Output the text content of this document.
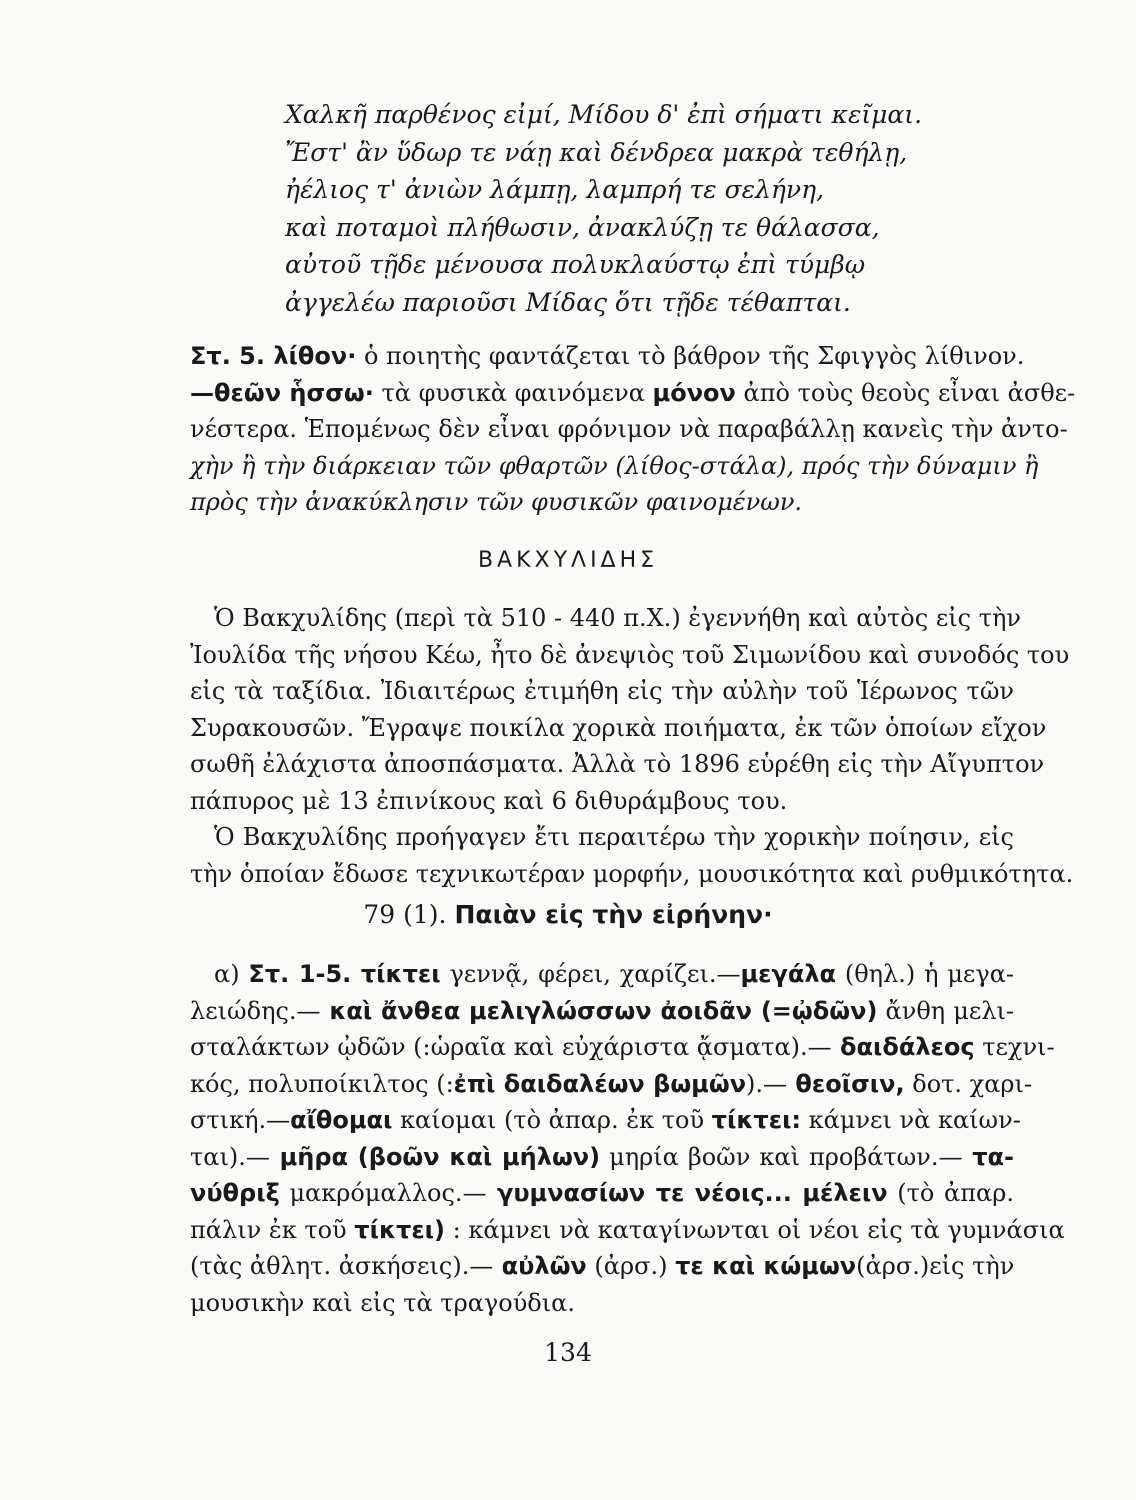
Χαλκῆ παρθένος εἰμί, Μίδου δ' ἐπὶ σήματι κεῖμαι.
Ἔστ' ἂν ὕδωρ τε νάῃ καὶ δένδρεα μακρὰ τεθήλῃ,
ἠέλιος τ' ἀνιὼν λάμπῃ, λαμπρή τε σελήνη,
καὶ ποταμοὶ πλήθωσιν, ἀνακλύζῃ τε θάλασσα,
αὐτοῦ τῇδε μένουσα πολυκλαύστῳ ἐπὶ τύμβῳ
ἀγγελέω παριοῦσι Μίδας ὅτι τῇδε τέθαπται.
Στ. 5. λίθον· ὁ ποιητὴς φαντάζεται τὸ βάθρον τῆς Σφιγγὸς λίθινον.
—θεῶν ἧσσω· τὰ φυσικὰ φαινόμενα μόνον ἀπὸ τοὺς θεοὺς εἶναι ἀσθε-
νέστερα. Ἑπομένως δὲν εἶναι φρόνιμον νὰ παραβάλλῃ κανεὶς τὴν ἀντο-
χὴν ἢ τὴν διάρκειαν τῶν φθαρτῶν (λίθος-στάλα), πρός τὴν δύναμιν ἢ
πρὸς τὴν ἀνακύκλησιν τῶν φυσικῶν φαινομένων.
ΒΑΚΧΥΛΙΔΗΣ
Ὁ Βακχυλίδης (περὶ τὰ 510 - 440 π.Χ.) ἐγεννήθη καὶ αὐτὸς εἰς τὴν
Ἰουλίδα τῆς νήσου Κέω, ἦτο δὲ ἀνεψιὸς τοῦ Σιμωνίδου καὶ συνοδός του
εἰς τὰ ταξίδια. Ἰδιαιτέρως ἐτιμήθη εἰς τὴν αὐλὴν τοῦ Ἱέρωνος τῶν
Συρακουσῶν. Ἔγραψε ποικίλα χορικὰ ποιήματα, ἐκ τῶν ὁποίων εἴχον
σωθῆ ἐλάχιστα ἀποσπάσματα. Ἀλλὰ τὸ 1896 εὑρέθη εἰς τὴν Αἴγυπτον
πάπυρος μὲ 13 ἐπινίκους καὶ 6 διθυράμβους του.
Ὁ Βακχυλίδης προήγαγεν ἔτι περαιτέρω τὴν χορικὴν ποίησιν, εἰς
τὴν ὁποίαν ἔδωσε τεχνικωτέραν μορφήν, μουσικότητα καὶ ρυθμικότητα.
79 (1). Παιὰν εἰς τὴν εἰρήνην·
α) Στ. 1-5. τίκτει γεννᾷ, φέρει, χαρίζει.—μεγάλα (θηλ.) ἡ μεγα-
λειώδης.— καὶ ἄνθεα μελιγλώσσων ἀοιδᾶν (=ᾠδῶν) ἄνθη μελι-
σταλάκτων ᾠδῶν (:ὡραῖα καὶ εὐχάριστα ᾄσματα).— δαιδάλεος τεχνι-
κός, πολυποίκιλτος (:ἐπὶ δαιδαλέων βωμῶν).— θεοῖσιν, δοτ. χαρι-
στική.—αἴθομαι καίομαι (τὸ ἀπαρ. ἐκ τοῦ τίκτει: κάμνει νὰ καίων-
ται).— μῆρα (βοῶν καὶ μήλων) μηρία βοῶν καὶ προβάτων.— τα-
νύθριξ μακρόμαλλος.— γυμνασίων τε νέοις... μέλειν (τὸ ἀπαρ.
πάλιν ἐκ τοῦ τίκτει) : κάμνει νὰ καταγίνωνται οἱ νέοι εἰς τὰ γυμνάσια
(τὰς ἀθλητ. ἀσκήσεις).— αὐλῶν (ἀρσ.) τε καὶ κώμων(ἀρσ.)εἰς τὴν
μουσικὴν καὶ εἰς τὰ τραγούδια.
134
